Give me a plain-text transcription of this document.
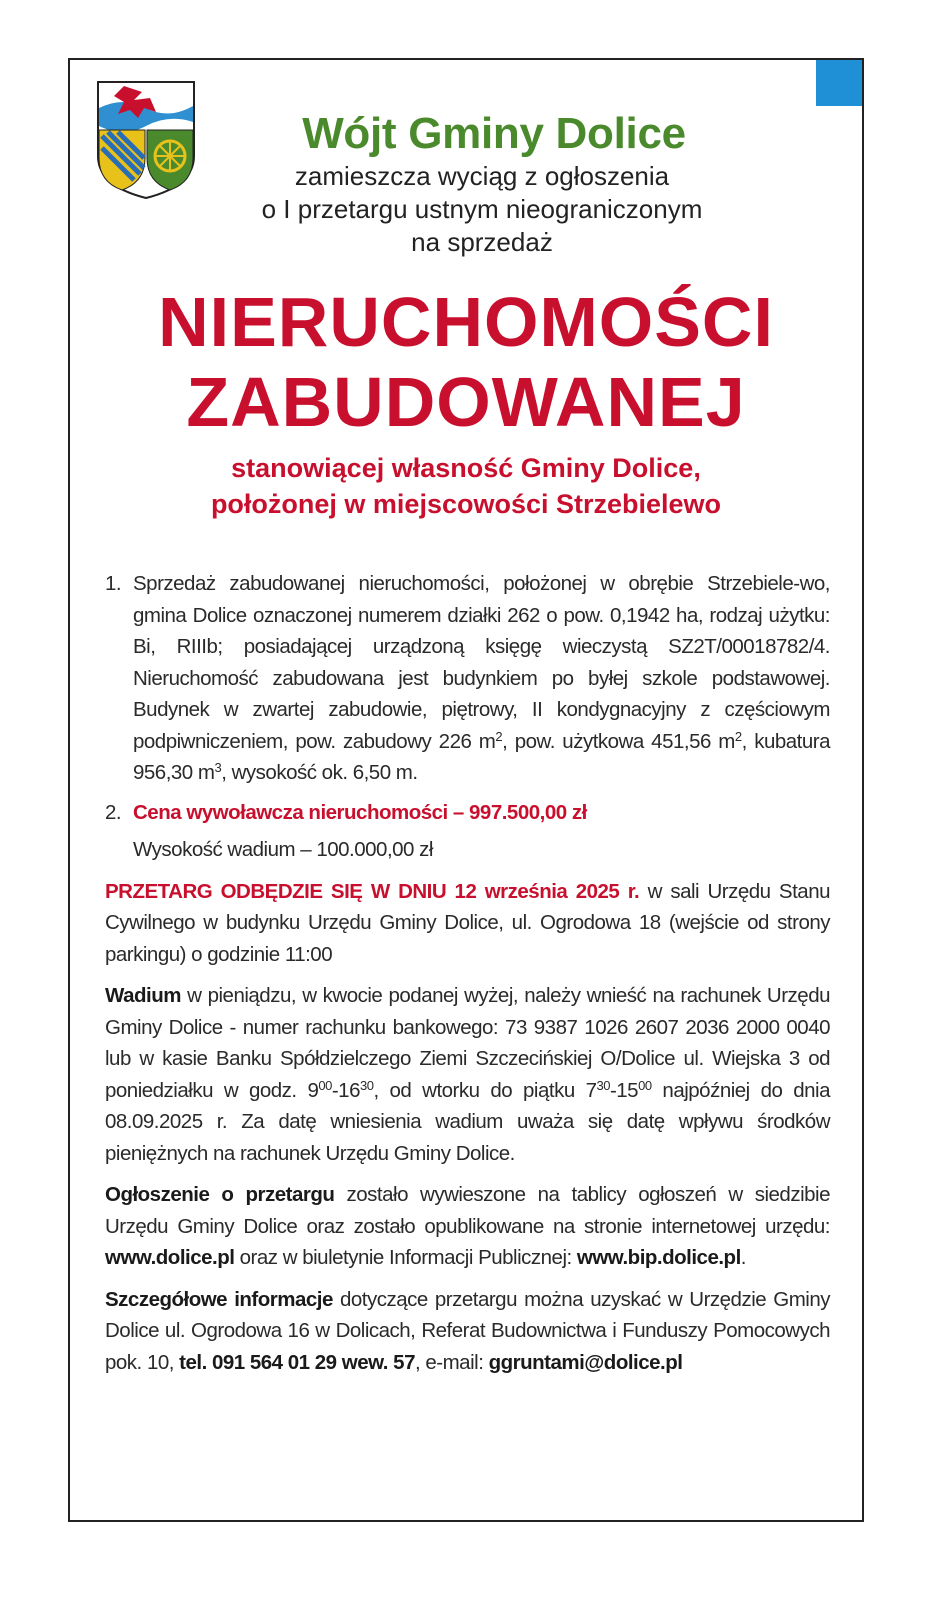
Wójt Gminy Dolice
zamieszcza wyciąg z ogłoszenia
o I przetargu ustnym nieograniczonym
na sprzedaż
NIERUCHOMOŚCI
ZABUDOWANEJ
stanowiącej własność Gminy Dolice,
położonej w miejscowości Strzebielewo
1. Sprzedaż zabudowanej nieruchomości, położonej w obrębie Strzebiele-wo, gmina Dolice oznaczonej numerem działki 262 o pow. 0,1942 ha, rodzaj użytku: Bi, RIIIb; posiadającej urządzoną księgę wieczystą SZ2T/00018782/4. Nieruchomość zabudowana jest budynkiem po byłej szkole podstawowej. Budynek w zwartej zabudowie, piętrowy, II kondygnacyjny z częściowym podpiwniczeniem, pow. zabudowy 226 $m^2$, pow. użytkowa 451,56 $m^2$, kubatura 956,30 $m^3$, wysokość ok. 6,50 m.
2. Cena wywoławcza nieruchomości – 997.500,00 zł
Wysokość wadium – 100.000,00 zł
PRZETARG ODBĘDZIE SIĘ W DNIU 12 września 2025 r. w sali Urzędu Stanu Cywilnego w budynku Urzędu Gminy Dolice, ul. Ogrodowa 18 (wejście od strony parkingu) o godzinie 11:00
Wadium w pieniądzu, w kwocie podanej wyżej, należy wnieść na rachunek Urzędu Gminy Dolice - numer rachunku bankowego: 73 9387 1026 2607 2036 2000 0040 lub w kasie Banku Spółdzielczego Ziemi Szczecińskiej O/Dolice ul. Wiejska 3 od poniedziałku w godz. $9^{00}-16^{30}$, od wtorku do piątku $7^{30}-15^{00}$ najpóźniej do dnia 08.09.2025 r. Za datę wniesienia wadium uważa się datę wpływu środków pieniężnych na rachunek Urzędu Gminy Dolice.
Ogłoszenie o przetargu zostało wywieszone na tablicy ogłoszeń w siedzibie Urzędu Gminy Dolice oraz zostało opublikowane na stronie internetowej urzędu: www.dolice.pl oraz w biuletynie Informacji Publicznej: www.bip.dolice.pl.
Szczegółowe informacje dotyczące przetargu można uzyskać w Urzędzie Gminy Dolice ul. Ogrodowa 16 w Dolicach, Referat Budownictwa i Funduszy Pomocowych pok. 10, tel. 091 564 01 29 wew. 57, e-mail: ggruntami@dolice.pl
